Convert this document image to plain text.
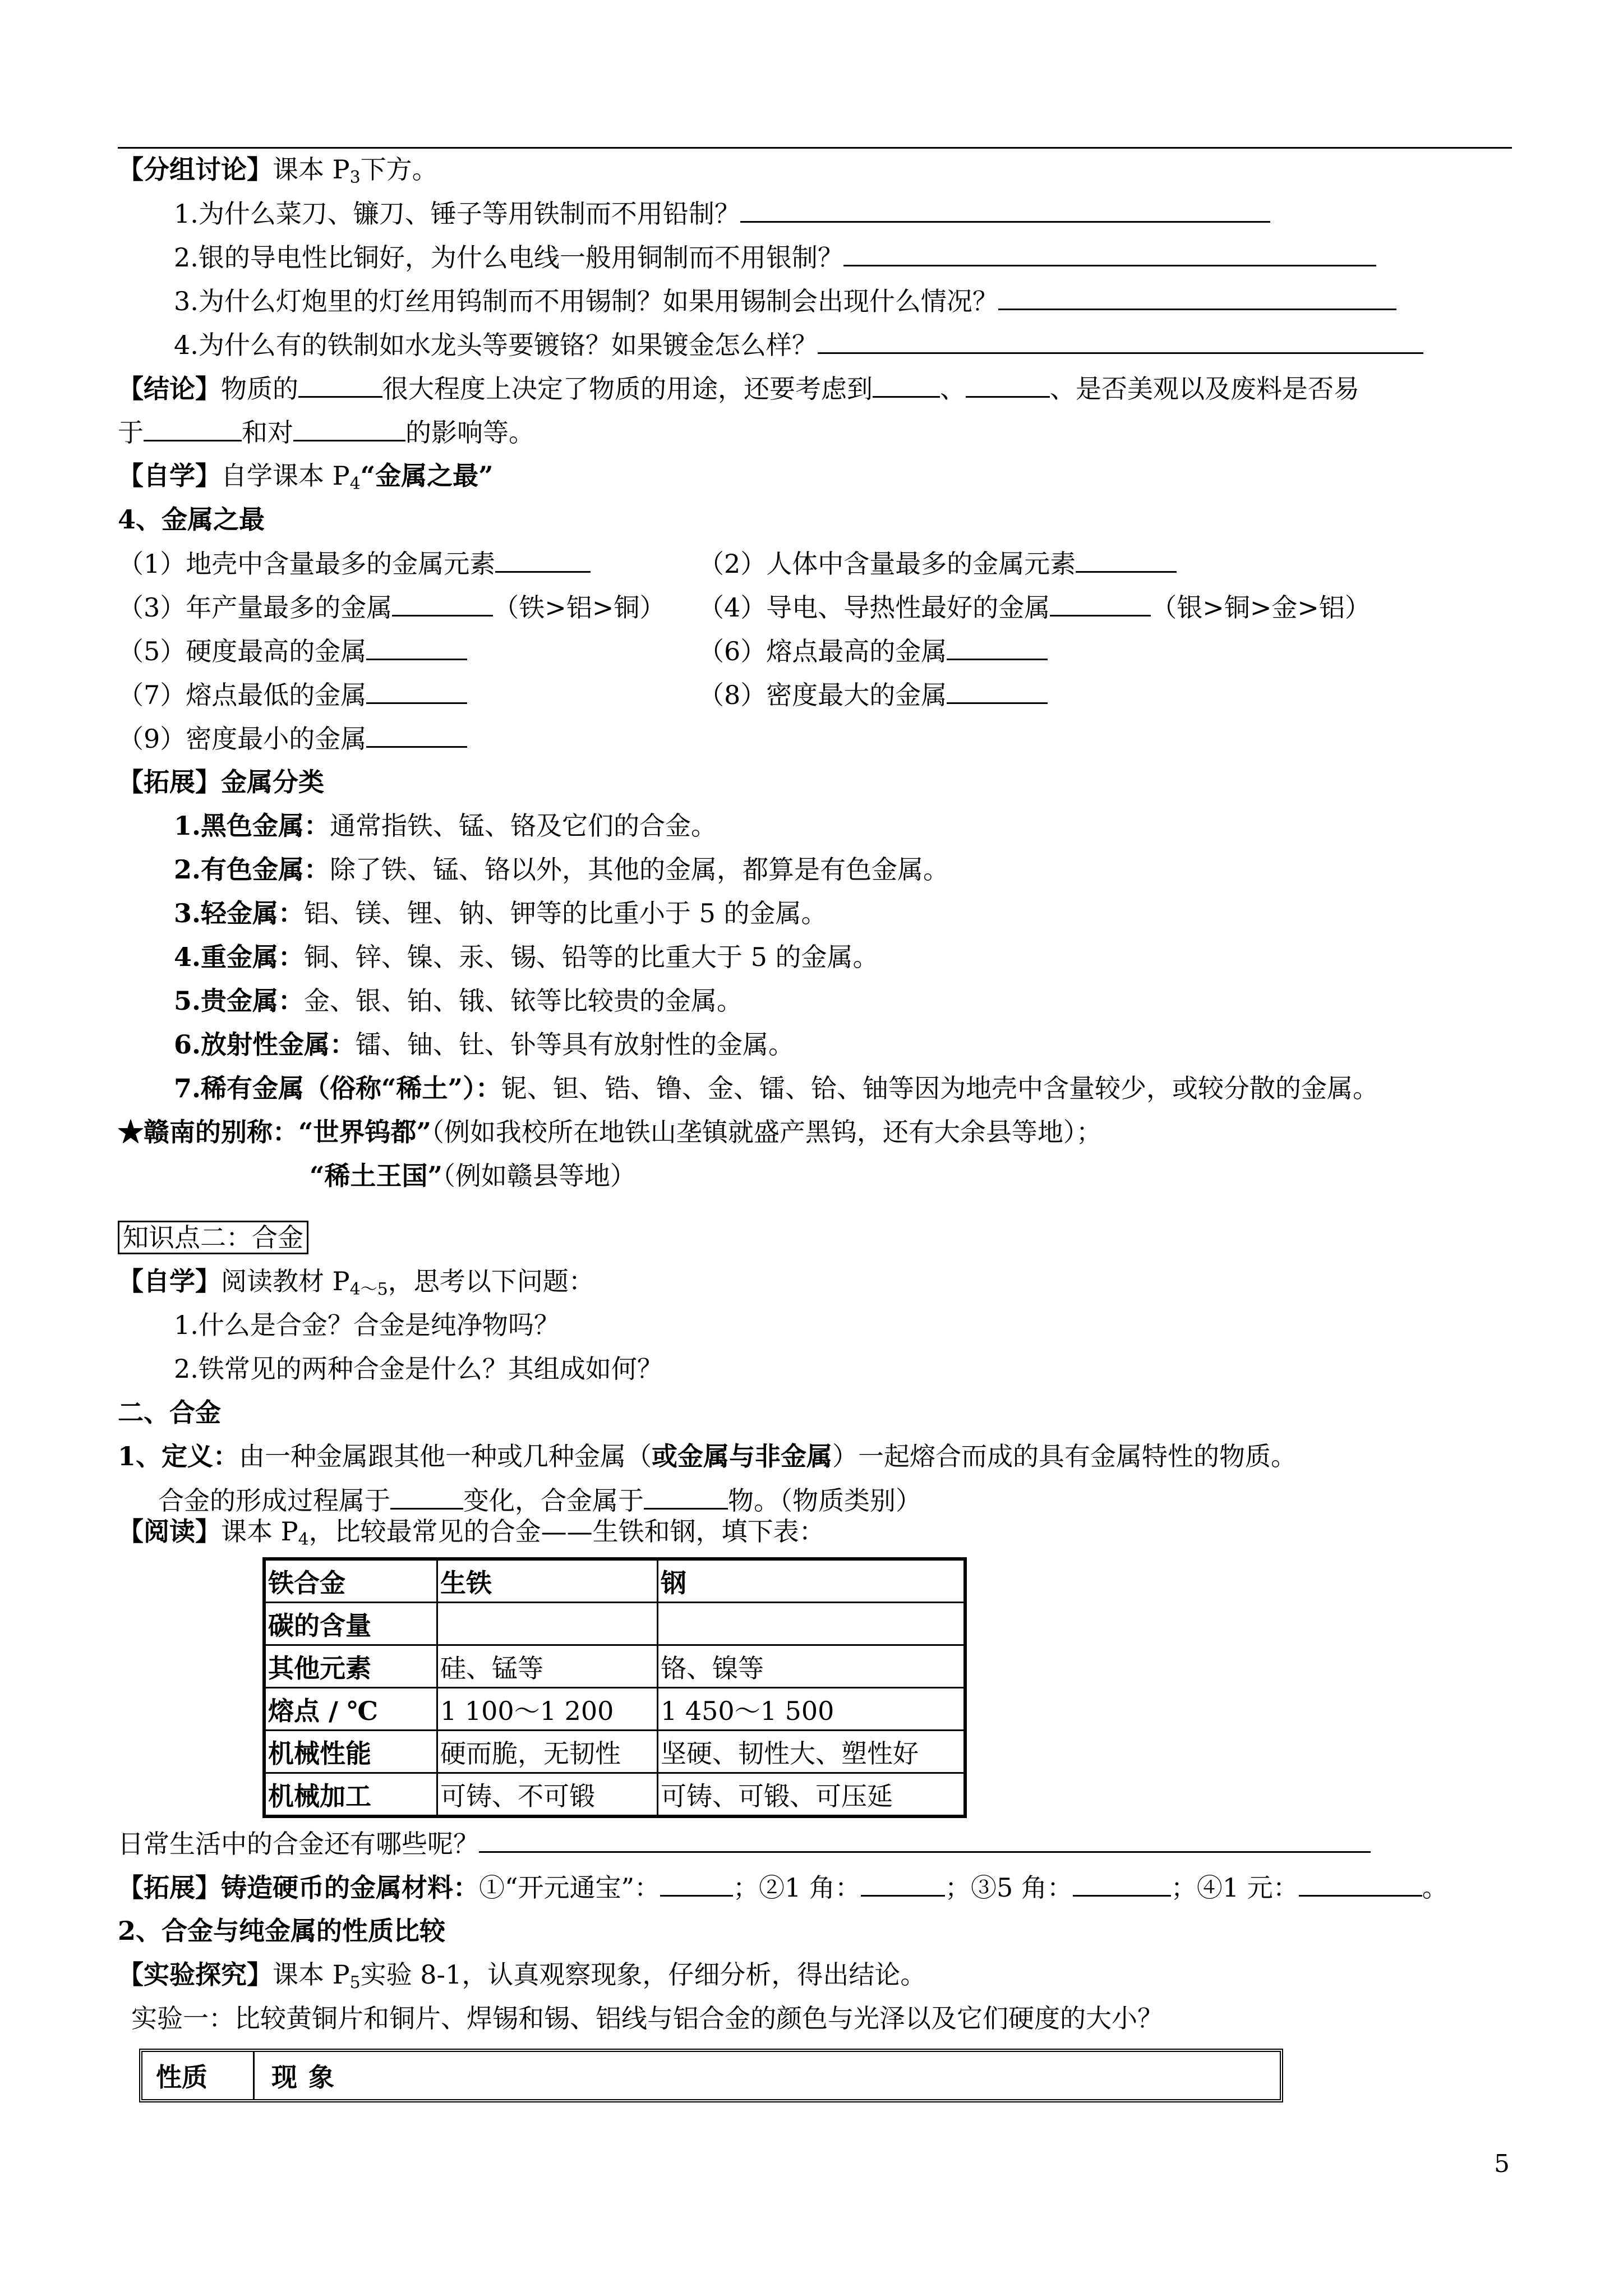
【分组讨论】课本 $P_3$下方。
1.为什么菜刀、镰刀、锤子等用铁制而不用铅制？
2.银的导电性比铜好，为什么电线一般用铜制而不用银制？
3.为什么灯炮里的灯丝用钨制而不用锡制？如果用锡制会出现什么情况？
4.为什么有的铁制如水龙头等要镀铬？如果镀金怎么样？
【结论】物质的	很大程度上决定了物质的用途，还要考虑到	、	、是否美观以及废料是否易
于	和对	的影响等。
【自学】自学课本 $P_4“$金属之最”
4、金属之最
（1）地壳中含量最多的金属元素	（2）人体中含量最多的金属元素
（3）年产量最多的金属	（铁>铝>铜） （4）导电、导热性最好的金属	（银>铜>金>铝）
（5）硬度最高的金属	（6）熔点最高的金属
（7）熔点最低的金属	（8）密度最大的金属
（9）密度最小的金属
【拓展】金属分类
1.黑色金属：通常指铁、锰、铬及它们的合金。
2.有色金属：除了铁、锰、铬以外，其他的金属，都算是有色金属。
3.轻金属：铝、镁、锂、钠、钾等的比重小于 5 的金属。
4.重金属：铜、锌、镍、汞、锡、铅等的比重大于 5 的金属。
5.贵金属：金、银、铂、锇、铱等比较贵的金属。
6.放射性金属：镭、铀、钍、钋等具有放射性的金属。
7.稀有金属（俗称“稀土”）：铌、钽、锆、镥、金、镭、铪、铀等因为地壳中含量较少，或较分散的金属。
★赣南的别称：“世界钨都”（例如我校所在地铁山垄镇就盛产黑钨，还有大余县等地）；
“稀土王国”（例如赣县等地）
知识点二：合金
【自学】阅读教材 $P_{4\sim 5}$，思考以下问题：
1.什么是合金？合金是纯净物吗？
2.铁常见的两种合金是什么？其组成如何？
二、合金
1、定义：由一种金属跟其他一种或几种金属（或金属与非金属）一起熔合而成的具有金属特性的物质。
合金的形成过程属于	变化，合金属于	物。（物质类别）
【阅读】课本 $P_4$，比较最常见的合金——生铁和钢，填下表：
铁合金	生铁	钢
碳的含量		
其他元素	硅、锰等	铬、镍等
熔点 / ℃	1 100～1 200	1 450～1 500
机械性能	硬而脆，无韧性	坚硬、韧性大、塑性好
机械加工	可铸、不可锻	可铸、可锻、可压延
日常生活中的合金还有哪些呢？
【拓展】铸造硬币的金属材料：①“开元通宝”：	；②1 角：	；③5 角：	；④1 元：	。
2、合金与纯金属的性质比较
【实验探究】课本 $P_5$实验 8-1，认真观察现象，仔细分析，得出结论。
实验一：比较黄铜片和铜片、焊锡和锡、铝线与铝合金的颜色与光泽以及它们硬度的大小？
性质	现 象
5
